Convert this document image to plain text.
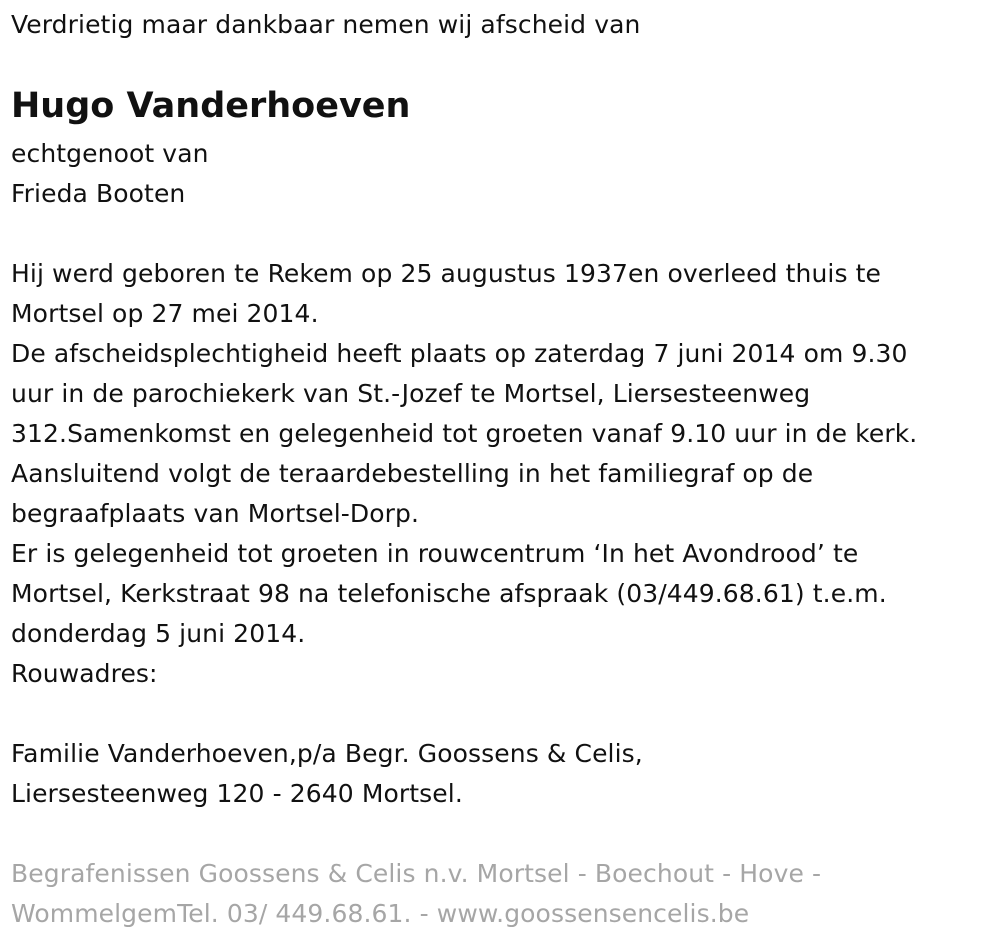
Verdrietig maar dankbaar nemen wij afscheid van
Hugo Vanderhoeven
echtgenoot van
Frieda Booten
Hij werd geboren te Rekem op 25 augustus 1937en overleed thuis te
Mortsel op 27 mei 2014.
De afscheidsplechtigheid heeft plaats op zaterdag 7 juni 2014 om 9.30
uur in de parochiekerk van St.-Jozef te Mortsel, Liersesteenweg
312.Samenkomst en gelegenheid tot groeten vanaf 9.10 uur in de kerk.
Aansluitend volgt de teraardebestelling in het familiegraf op de
begraafplaats van Mortsel-Dorp.
Er is gelegenheid tot groeten in rouwcentrum ‘In het Avondrood’ te
Mortsel, Kerkstraat 98 na telefonische afspraak (03/449.68.61) t.e.m.
donderdag 5 juni 2014.
Rouwadres:
Familie Vanderhoeven,p/a Begr. Goossens & Celis,
Liersesteenweg 120 - 2640 Mortsel.
Begrafenissen Goossens & Celis n.v. Mortsel - Boechout - Hove -
WommelgemTel. 03/ 449.68.61. - www.goossensencelis.be
